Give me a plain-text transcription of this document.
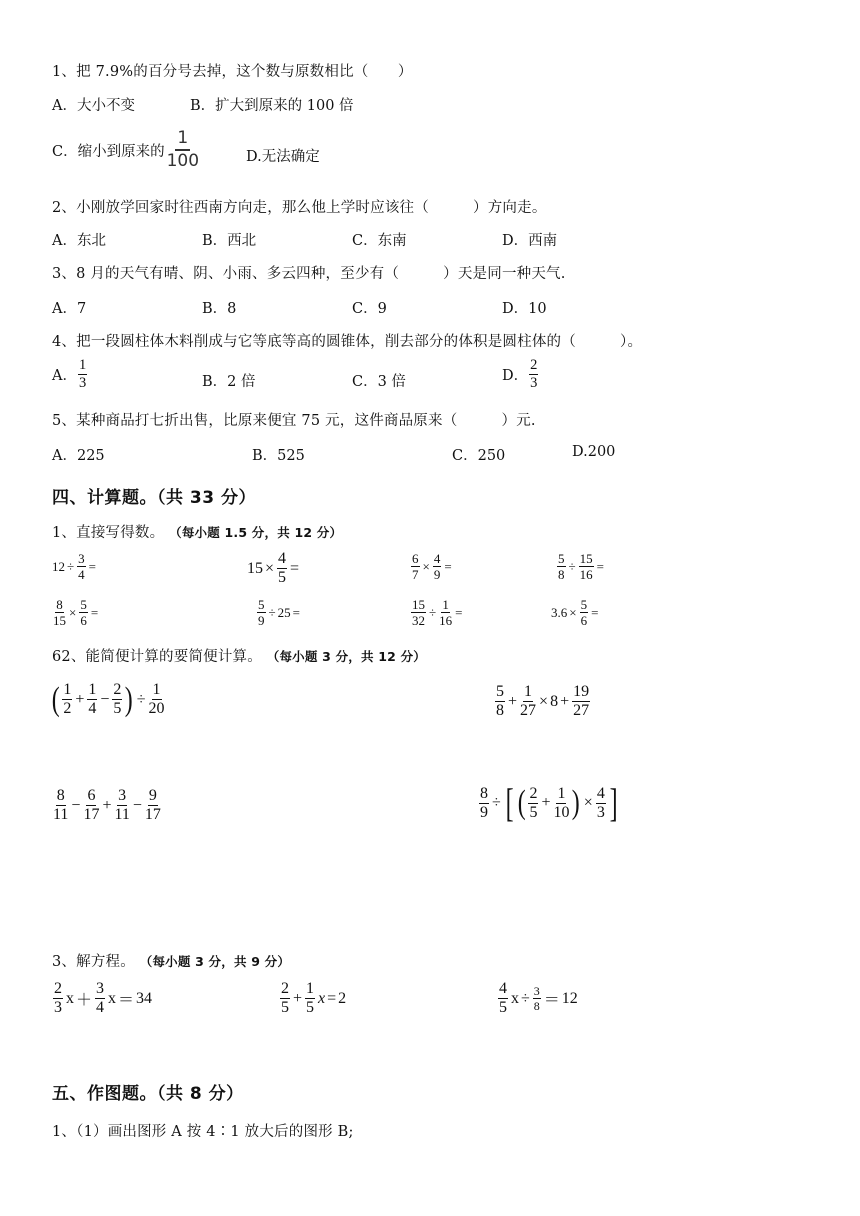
1、把 7.9%的百分号去掉，这个数与原数相比（　　）
A．大小不变	B．扩大到原来的 100 倍
C．缩小到原来的 $\frac{1}{100}$	D.无法确定
2、小刚放学回家时往西南方向走，那么他上学时应该往（　　　）方向走。
A．东北	B．西北	C．东南	D．西南
3、8 月的天气有晴、阴、小雨、多云四种，至少有（　　　）天是同一种天气.
A．7	B．8	C．9	D．10
4、把一段圆柱体木料削成与它等底等高的圆锥体，削去部分的体积是圆柱体的（　　　）。
A． $\frac{1}{3}$	B．2 倍	C．3 倍	D． $\frac{2}{3}$
5、某种商品打七折出售，比原来便宜 75 元，这件商品原来（　　　）元.
A．225	B．525	C．250	D.200
四、计算题。（共 33 分）
1、直接写得数。 （每小题 1.5 分，共 12 分）
$12 \div \frac{3}{4}$ =	$15 \times \frac{4}{5}$ =	$\frac{6}{7} \times \frac{4}{9}$ =	$\frac{5}{8} \div \frac{15}{16}$ =
$\frac{8}{15} \times \frac{5}{6}$ =	$\frac{5}{9} \div 25$ =	$\frac{15}{32} \div \frac{1}{16}$ =	$3.6 \times \frac{5}{6}$ =
62、能简便计算的要简便计算。 （每小题 3 分，共 12 分）
( $\frac{1}{2} + \frac{1}{4} - \frac{2}{5}$ ) ÷ $\frac{1}{20}$	$\frac{5}{8} + \frac{1}{27} \times 8 + \frac{19}{27}$
$\frac{8}{11} - \frac{6}{17} + \frac{3}{11} - \frac{9}{17}$	$\frac{8}{9}$ ÷ [ ( $\frac{2}{5} + \frac{1}{10}$ ) × $\frac{4}{3}$ ]
3、解方程。 （每小题 3 分，共 9 分）
$\frac{2}{3}$ $x + \frac{3}{4}$ x ＝ 34	$\frac{2}{5} + \frac{1}{5}$ x = 2	$\frac{4}{5}$ $x \div \frac{3}{8} = 12$
五、作图题。（共 8 分）
1、（1）画出图形 A 按 4∶1 放大后的图形 B;
